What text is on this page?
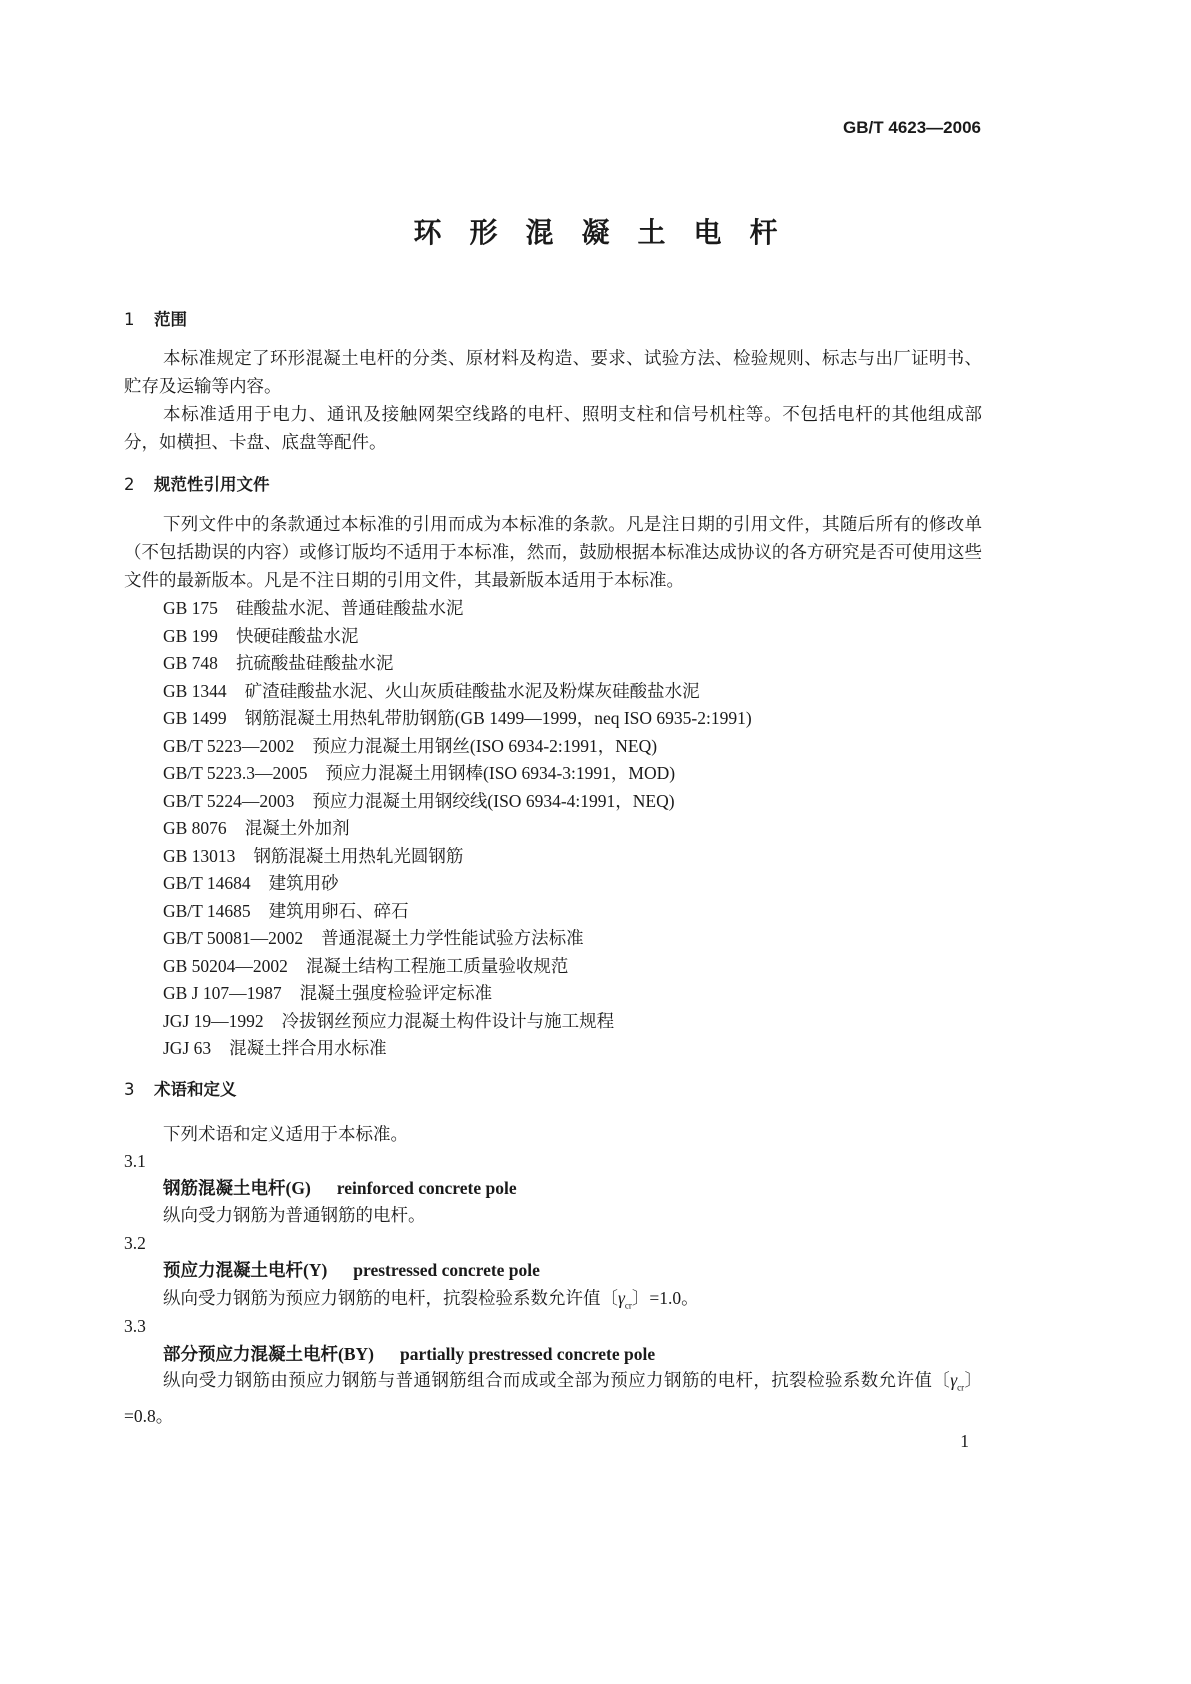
GB/T 4623—2006
环形混凝土电杆
1 范围
本标准规定了环形混凝土电杆的分类、原材料及构造、要求、试验方法、检验规则、标志与出厂证明书、贮存及运输等内容。
本标准适用于电力、通讯及接触网架空线路的电杆、照明支柱和信号机柱等。不包括电杆的其他组成部分，如横担、卡盘、底盘等配件。
2 规范性引用文件
下列文件中的条款通过本标准的引用而成为本标准的条款。凡是注日期的引用文件，其随后所有的修改单（不包括勘误的内容）或修订版均不适用于本标准，然而，鼓励根据本标准达成协议的各方研究是否可使用这些文件的最新版本。凡是不注日期的引用文件，其最新版本适用于本标准。
GB 175 硅酸盐水泥、普通硅酸盐水泥
GB 199 快硬硅酸盐水泥
GB 748 抗硫酸盐硅酸盐水泥
GB 1344 矿渣硅酸盐水泥、火山灰质硅酸盐水泥及粉煤灰硅酸盐水泥
GB 1499 钢筋混凝土用热轧带肋钢筋(GB 1499—1999，neq ISO 6935-2:1991)
GB/T 5223—2002 预应力混凝土用钢丝(ISO 6934-2:1991，NEQ)
GB/T 5223.3—2005 预应力混凝土用钢棒(ISO 6934-3:1991，MOD)
GB/T 5224—2003 预应力混凝土用钢绞线(ISO 6934-4:1991，NEQ)
GB 8076 混凝土外加剂
GB 13013 钢筋混凝土用热轧光圆钢筋
GB/T 14684 建筑用砂
GB/T 14685 建筑用卵石、碎石
GB/T 50081—2002 普通混凝土力学性能试验方法标准
GB 50204—2002 混凝土结构工程施工质量验收规范
GB J 107—1987 混凝土强度检验评定标准
JGJ 19—1992 冷拔钢丝预应力混凝土构件设计与施工规程
JGJ 63 混凝土拌合用水标准
3 术语和定义
下列术语和定义适用于本标准。
3.1
钢筋混凝土电杆(G) reinforced concrete pole
纵向受力钢筋为普通钢筋的电杆。
3.2
预应力混凝土电杆(Y) prestressed concrete pole
纵向受力钢筋为预应力钢筋的电杆，抗裂检验系数允许值〔$\gamma_{cr}$〕=1.0。
3.3
部分预应力混凝土电杆(BY) partially prestressed concrete pole
纵向受力钢筋由预应力钢筋与普通钢筋组合而成或全部为预应力钢筋的电杆，抗裂检验系数允许值〔$\gamma_{cr}$〕=0.8。
1
